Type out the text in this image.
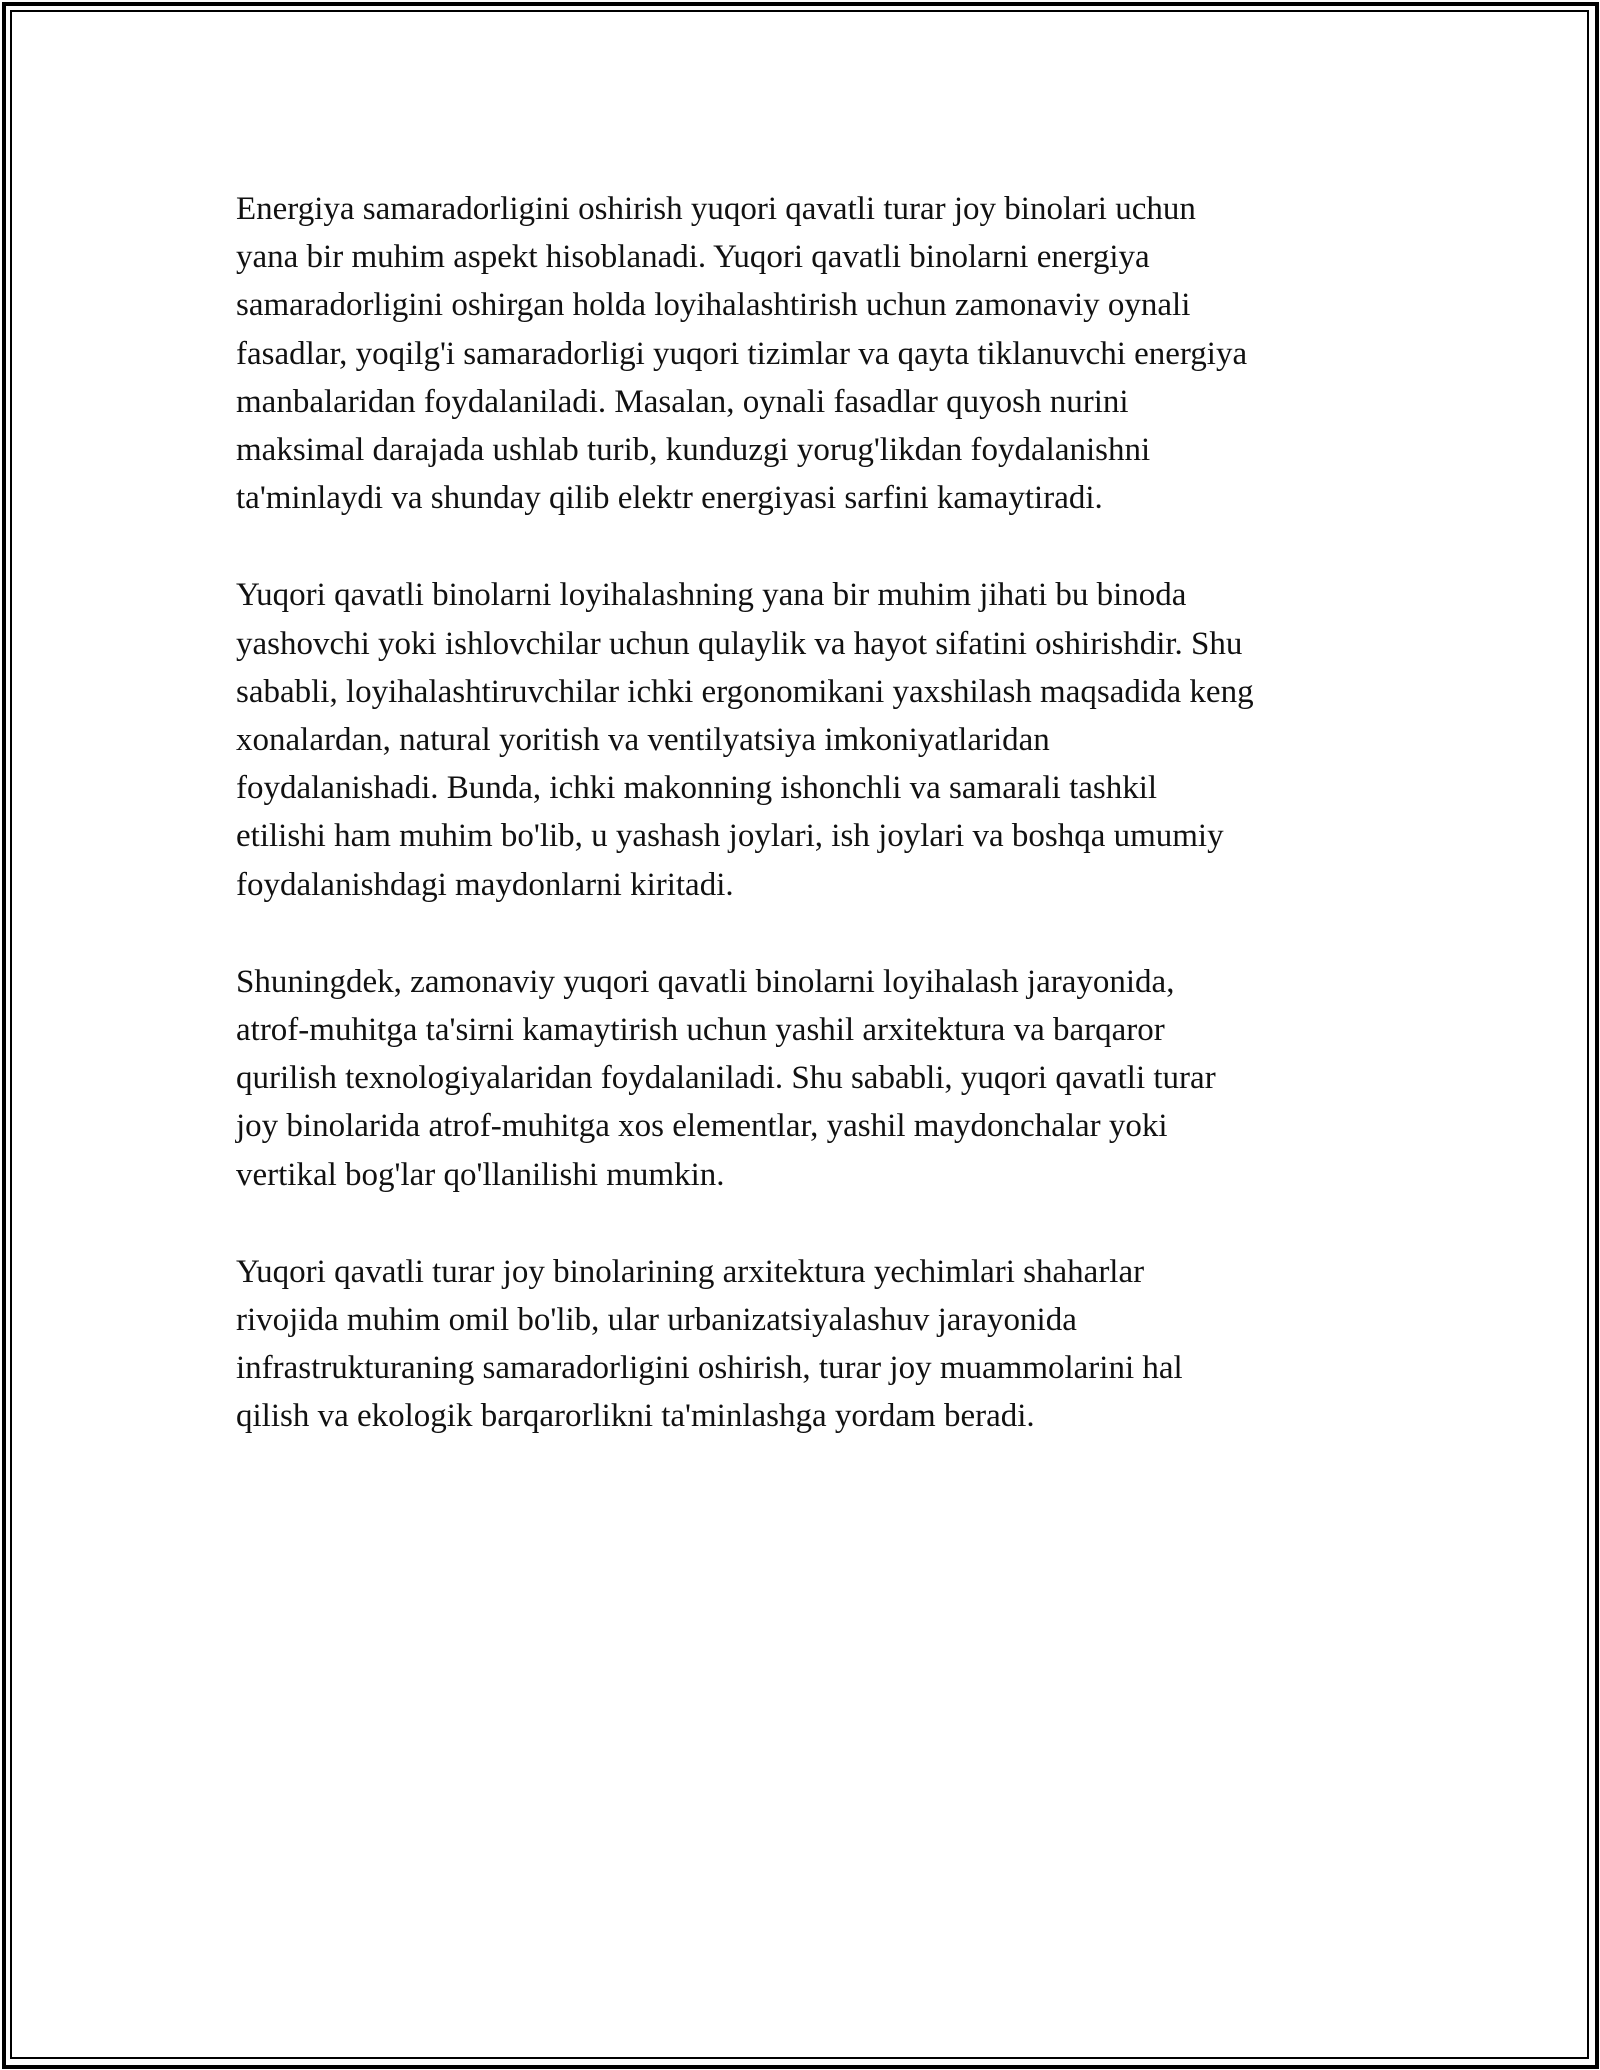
Energiya samaradorligini oshirish yuqori qavatli turar joy binolari uchun
yana bir muhim aspekt hisoblanadi. Yuqori qavatli binolarni energiya
samaradorligini oshirgan holda loyihalashtirish uchun zamonaviy oynali
fasadlar, yoqilg'i samaradorligi yuqori tizimlar va qayta tiklanuvchi energiya
manbalaridan foydalaniladi. Masalan, oynali fasadlar quyosh nurini
maksimal darajada ushlab turib, kunduzgi yorug'likdan foydalanishni
ta'minlaydi va shunday qilib elektr energiyasi sarfini kamaytiradi.

Yuqori qavatli binolarni loyihalashning yana bir muhim jihati bu binoda
yashovchi yoki ishlovchilar uchun qulaylik va hayot sifatini oshirishdir. Shu
sababli, loyihalashtiruvchilar ichki ergonomikani yaxshilash maqsadida keng
xonalardan, natural yoritish va ventilyatsiya imkoniyatlaridan
foydalanishadi. Bunda, ichki makonning ishonchli va samarali tashkil
etilishi ham muhim bo'lib, u yashash joylari, ish joylari va boshqa umumiy
foydalanishdagi maydonlarni kiritadi.

Shuningdek, zamonaviy yuqori qavatli binolarni loyihalash jarayonida,
atrof-muhitga ta'sirni kamaytirish uchun yashil arxitektura va barqaror
qurilish texnologiyalaridan foydalaniladi. Shu sababli, yuqori qavatli turar
joy binolarida atrof-muhitga xos elementlar, yashil maydonchalar yoki
vertikal bog'lar qo'llanilishi mumkin.

Yuqori qavatli turar joy binolarining arxitektura yechimlari shaharlar
rivojida muhim omil bo'lib, ular urbanizatsiyalashuv jarayonida
infrastrukturaning samaradorligini oshirish, turar joy muammolarini hal
qilish va ekologik barqarorlikni ta'minlashga yordam beradi.
